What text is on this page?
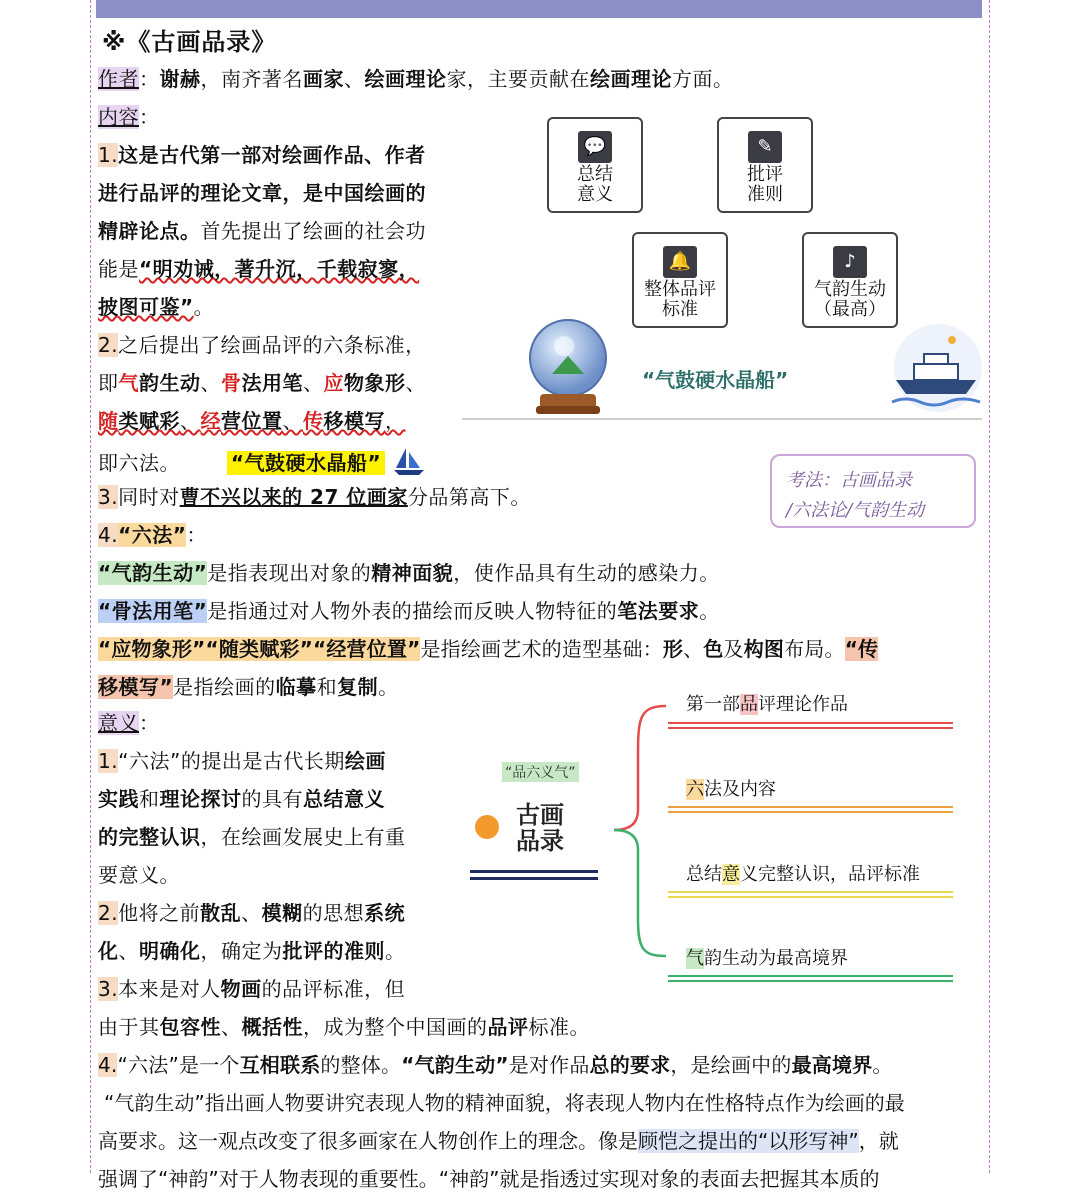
※《古画品录》
作者：谢赫，南齐著名画家、绘画理论家，主要贡献在绘画理论方面。
内容：
1.这是古代第一部对绘画作品、作者
进行品评的理论文章，是中国绘画的
精辟论点。首先提出了绘画的社会功
能是“明劝诫，著升沉，千载寂寥，
披图可鉴”。
2.之后提出了绘画品评的六条标准，
即气韵生动、骨法用笔、应物象形、
随类赋彩、经营位置、传移模写，
即六法。	“气鼓硬水晶船”
3.同时对曹不兴以来的 27 位画家分品第高下。
4.“六法”：
“气韵生动”是指表现出对象的精神面貌，使作品具有生动的感染力。
“骨法用笔”是指通过对人物外表的描绘而反映人物特征的笔法要求。
“应物象形”“随类赋彩”“经营位置”是指绘画艺术的造型基础：形、色及构图布局。“传
移模写”是指绘画的临摹和复制。
意义：
1.“六法”的提出是古代长期绘画
实践和理论探讨的具有总结意义
的完整认识，在绘画发展史上有重
要意义。
2.他将之前散乱、模糊的思想系统
化、明确化，确定为批评的准则。
3.本来是对人物画的品评标准，但
由于其包容性、概括性，成为整个中国画的品评标准。
4.“六法”是一个互相联系的整体。“气韵生动”是对作品总的要求，是绘画中的最高境界。
“气韵生动”指出画人物要讲究表现人物的精神面貌，将表现人物内在性格特点作为绘画的最
高要求。这一观点改变了很多画家在人物创作上的理念。像是顾恺之提出的“以形写神”，就
强调了“神韵”对于人物表现的重要性。“神韵”就是指透过实现对象的表面去把握其本质的
💬
总结
意义
✎
批评
准则
🔔
整体品评
标准
♪
气韵生动
（最高）
“气鼓硬水晶船”
考法：古画品录
/六法论/气韵生动
“品六义气”
古画
品录
第一部品评理论作品
六法及内容
总结意义完整认识，品评标准
气韵生动为最高境界
